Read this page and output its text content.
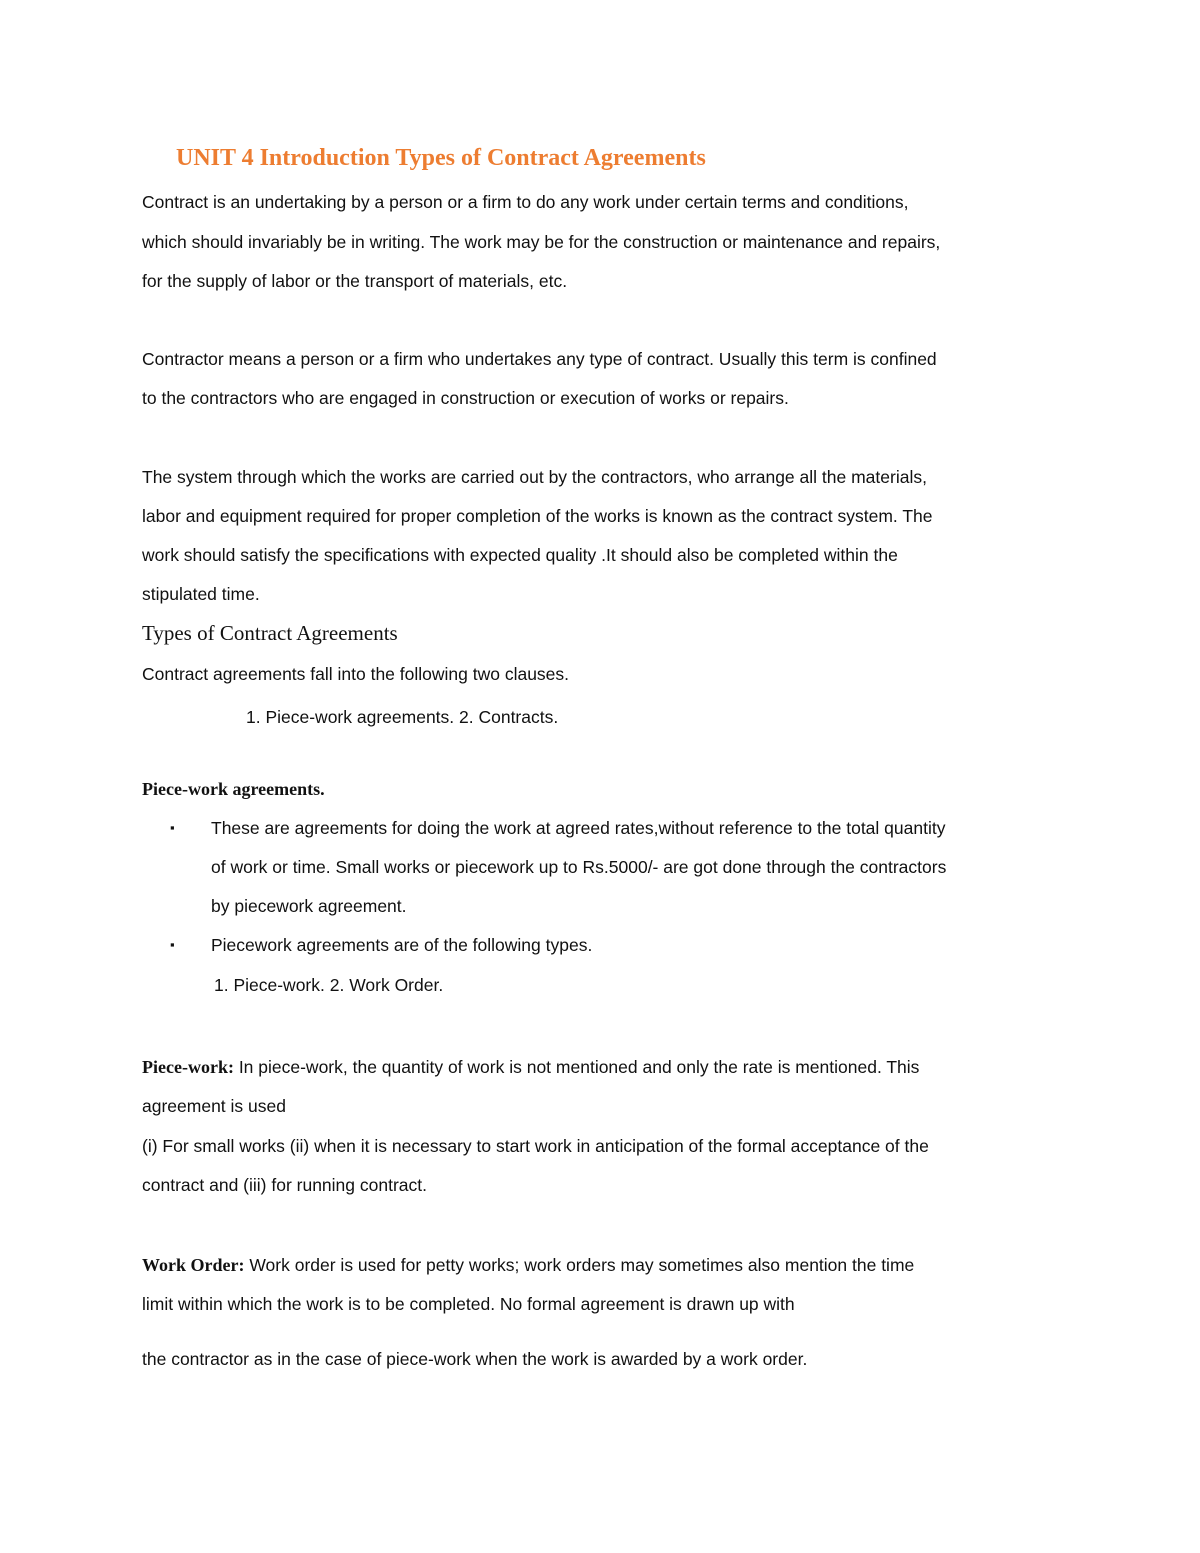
UNIT 4 Introduction Types of Contract Agreements

Contract is an undertaking by a person or a firm to do any work under certain terms and conditions,

which should invariably be in writing. The work may be for the construction or maintenance and repairs,

for the supply of labor or the transport of materials, etc.

Contractor means a person or a firm who undertakes any type of contract. Usually this term is confined

to the contractors who are engaged in construction or execution of works or repairs.

The system through which the works are carried out by the contractors, who arrange all the materials,

labor and equipment required for proper completion of the works is known as the contract system. The

work should satisfy the specifications with expected quality .It should also be completed within the

stipulated time.

Types of Contract Agreements

Contract agreements fall into the following two clauses.

1. Piece-work agreements. 2. Contracts.

Piece-work agreements.

▪ These are agreements for doing the work at agreed rates,without reference to the total quantity

of work or time. Small works or piecework up to Rs.5000/- are got done through the contractors

by piecework agreement.

▪ Piecework agreements are of the following types.

1. Piece-work. 2. Work Order.

Piece-work: In piece-work, the quantity of work is not mentioned and only the rate is mentioned. This

agreement is used

(i) For small works (ii) when it is necessary to start work in anticipation of the formal acceptance of the

contract and (iii) for running contract.

Work Order: Work order is used for petty works; work orders may sometimes also mention the time

limit within which the work is to be completed. No formal agreement is drawn up with

the contractor as in the case of piece-work when the work is awarded by a work order.
